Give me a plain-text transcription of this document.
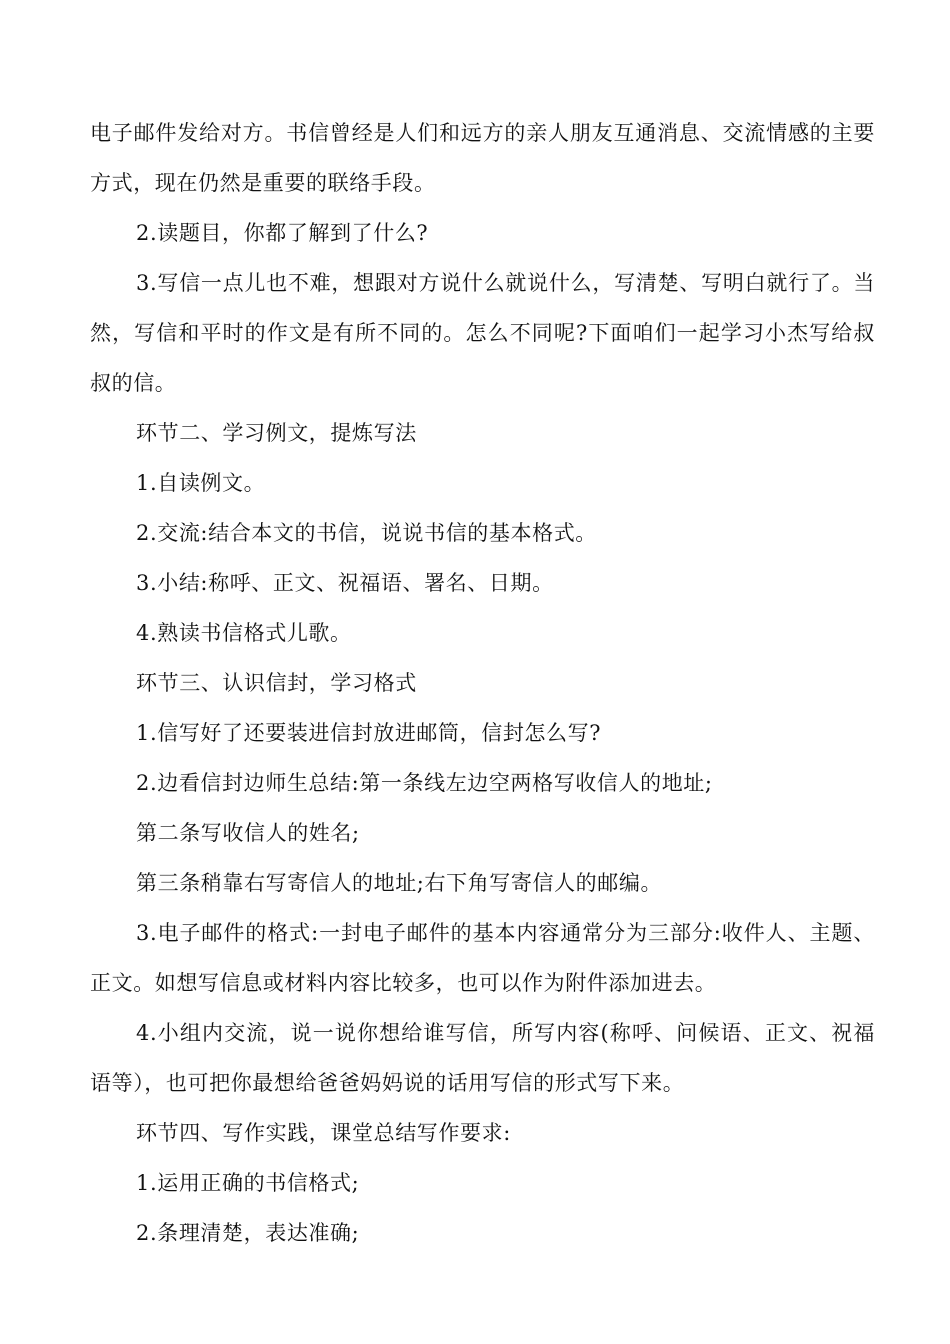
电子邮件发给对方。书信曾经是人们和远方的亲人朋友互通消息、交流情感的主要方式，现在仍然是重要的联络手段。

2.读题目，你都了解到了什么?

3.写信一点儿也不难，想跟对方说什么就说什么，写清楚、写明白就行了。当然，写信和平时的作文是有所不同的。怎么不同呢?下面咱们一起学习小杰写给叔叔的信。

环节二、学习例文，提炼写法

1.自读例文。

2.交流:结合本文的书信，说说书信的基本格式。

3.小结:称呼、正文、祝福语、署名、日期。

4.熟读书信格式儿歌。

环节三、认识信封，学习格式

1.信写好了还要装进信封放进邮筒，信封怎么写?

2.边看信封边师生总结:第一条线左边空两格写收信人的地址;

第二条写收信人的姓名;

第三条稍靠右写寄信人的地址;右下角写寄信人的邮编。

3.电子邮件的格式:一封电子邮件的基本内容通常分为三部分:收件人、主题、正文。如想写信息或材料内容比较多，也可以作为附件添加进去。

4.小组内交流，说一说你想给谁写信，所写内容(称呼、问候语、正文、祝福语等），也可把你最想给爸爸妈妈说的话用写信的形式写下来。

环节四、写作实践，课堂总结写作要求:

1.运用正确的书信格式;

2.条理清楚，表达准确;
